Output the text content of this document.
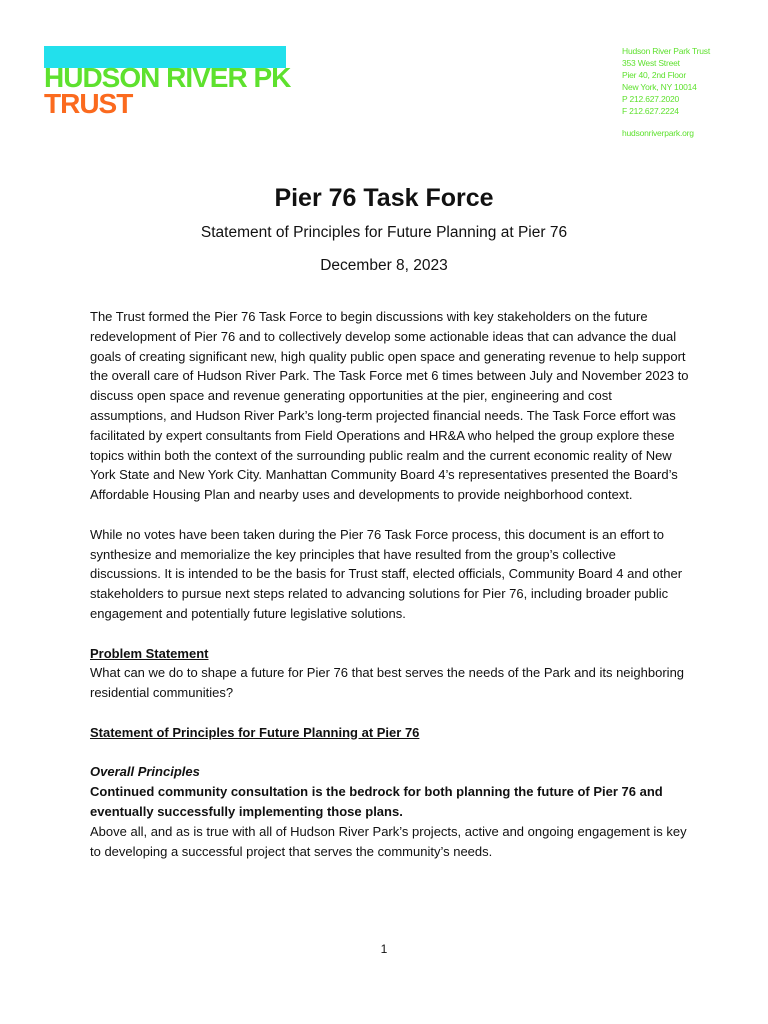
HUDSON RIVER PK
TRUST
Hudson River Park Trust
353 West Street
Pier 40, 2nd Floor
New York, NY 10014
P 212.627.2020
F 212.627.2224
hudsonriverpark.org
Pier 76 Task Force
Statement of Principles for Future Planning at Pier 76
December 8, 2023

The Trust formed the Pier 76 Task Force to begin discussions with key stakeholders on the future redevelopment of Pier 76 and to collectively develop some actionable ideas that can advance the dual goals of creating significant new, high quality public open space and generating revenue to help support the overall care of Hudson River Park. The Task Force met 6 times between July and November 2023 to discuss open space and revenue generating opportunities at the pier, engineering and cost assumptions, and Hudson River Park’s long-term projected financial needs. The Task Force effort was facilitated by expert consultants from Field Operations and HR&A who helped the group explore these topics within both the context of the surrounding public realm and the current economic reality of New York State and New York City. Manhattan Community Board 4’s representatives presented the Board’s Affordable Housing Plan and nearby uses and developments to provide neighborhood context.

While no votes have been taken during the Pier 76 Task Force process, this document is an effort to synthesize and memorialize the key principles that have resulted from the group’s collective discussions. It is intended to be the basis for Trust staff, elected officials, Community Board 4 and other stakeholders to pursue next steps related to advancing solutions for Pier 76, including broader public engagement and potentially future legislative solutions.

Problem Statement

What can we do to shape a future for Pier 76 that best serves the needs of the Park and its neighboring residential communities?

Statement of Principles for Future Planning at Pier 76

Overall Principles

Continued community consultation is the bedrock for both planning the future of Pier 76 and eventually successfully implementing those plans.

Above all, and as is true with all of Hudson River Park’s projects, active and ongoing engagement is key to developing a successful project that serves the community’s needs.

1
